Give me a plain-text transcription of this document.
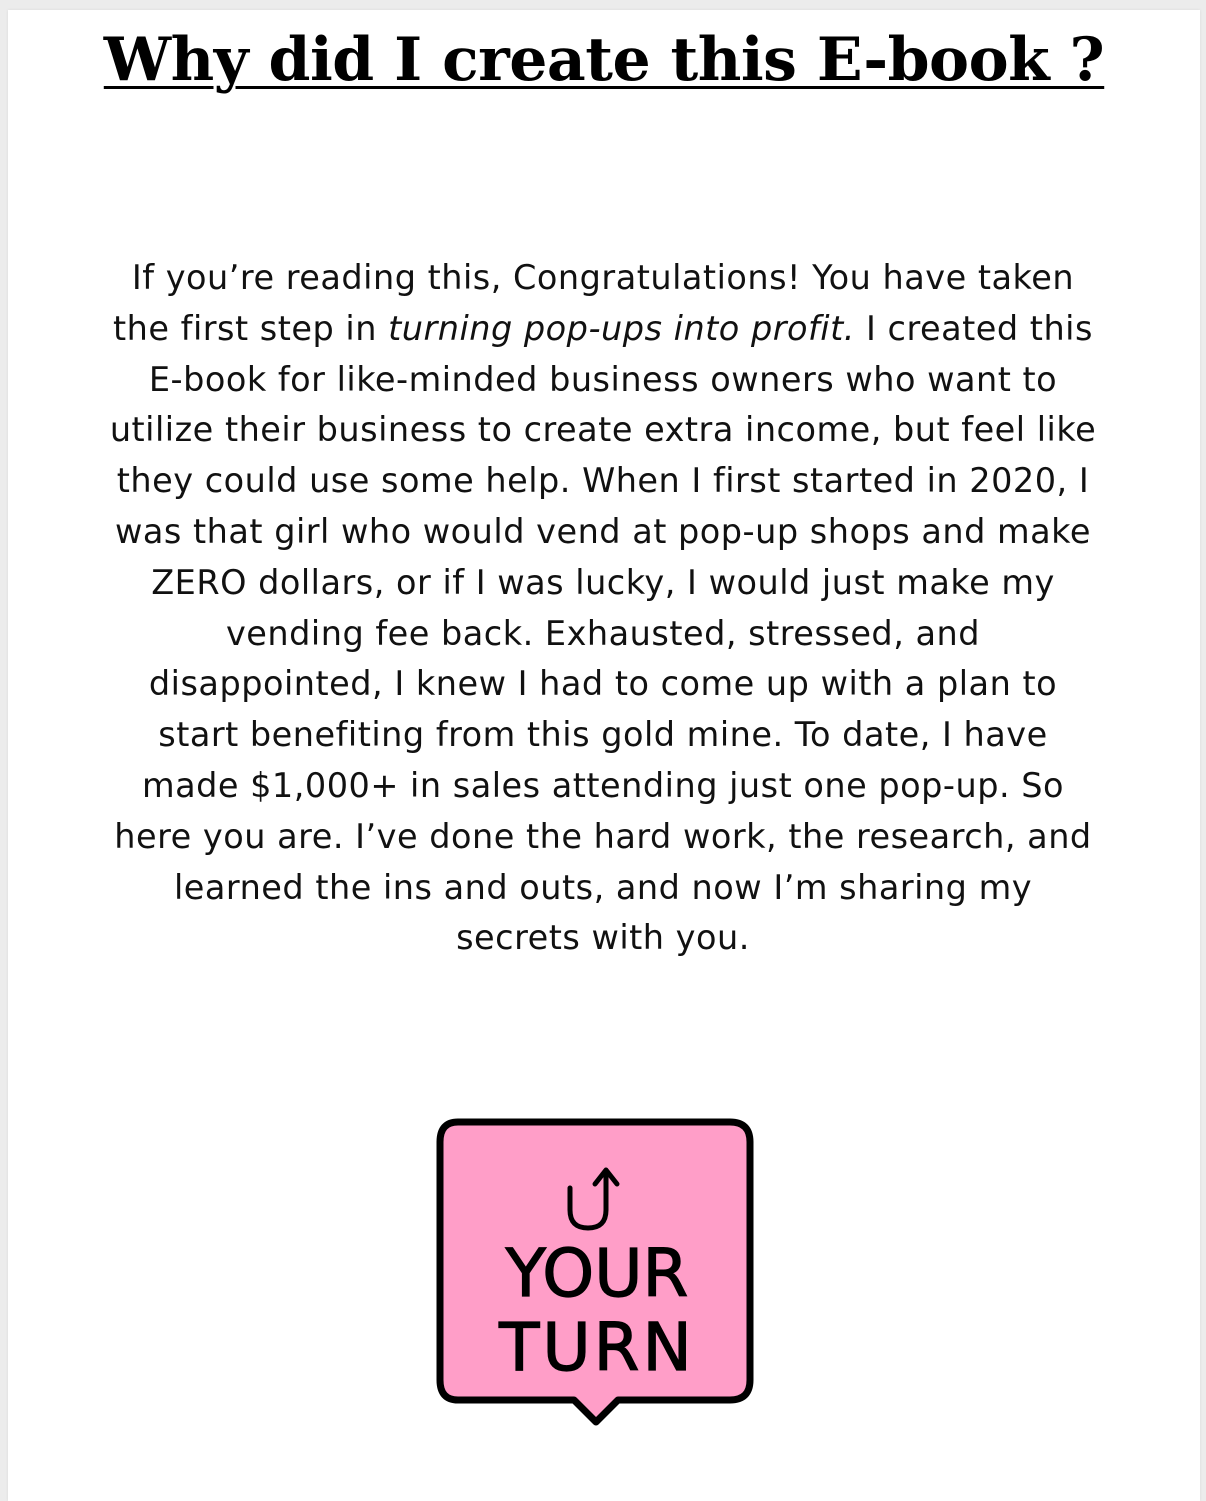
Why did I create this E-book ?

If you’re reading this, Congratulations! You have taken the first step in turning pop-ups into profit. I created this E-book for like-minded business owners who want to utilize their business to create extra income, but feel like they could use some help. When I first started in 2020, I was that girl who would vend at pop-up shops and make ZERO dollars, or if I was lucky, I would just make my vending fee back. Exhausted, stressed, and disappointed, I knew I had to come up with a plan to start benefiting from this gold mine. To date, I have made $1,000+ in sales attending just one pop-up. So here you are. I’ve done the hard work, the research, and learned the ins and outs, and now I’m sharing my secrets with you.

YOUR
TURN
